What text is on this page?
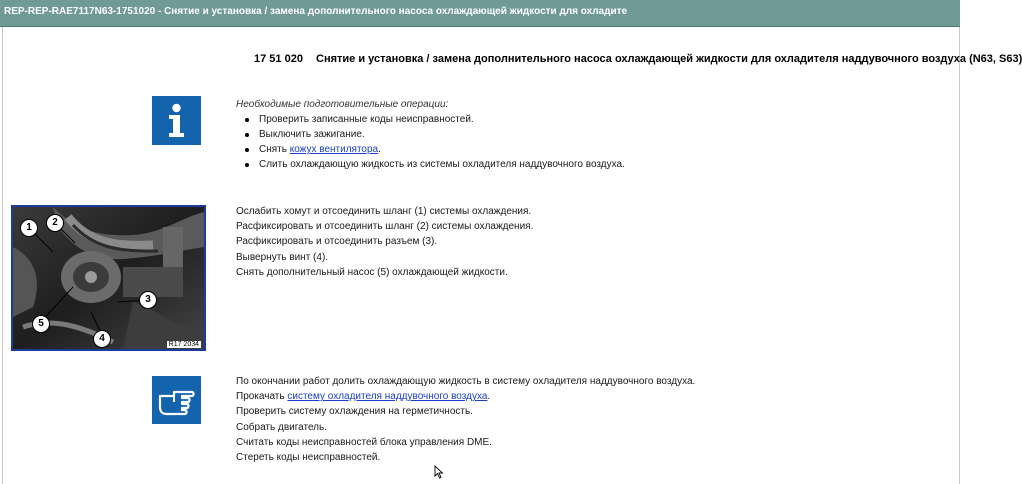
REP-REP-RAE7117N63-1751020 - Снятие и установка / замена дополнительного насоса охлаждающей жидкости для охладите
17 51 020 Снятие и установка / замена дополнительного насоса охлаждающей жидкости для охладителя наддувочного воздуха (N63, S63)
Необходимые подготовительные операции:
Проверить записанные коды неисправностей.
Выключить зажигание.
Снять кожух вентилятора.
Слить охлаждающую жидкость из системы охладителя наддувочного воздуха.
1	2
3
4
5
R17 2034
Ослабить хомут и отсоединить шланг (1) системы охлаждения.
Расфиксировать и отсоединить шланг (2) системы охлаждения.
Расфиксировать и отсоединить разъем (3).
Вывернуть винт (4).
Снять дополнительный насос (5) охлаждающей жидкости.
По окончании работ долить охлаждающую жидкость в систему охладителя наддувочного воздуха.
Прокачать систему охладителя наддувочного воздуха.
Проверить систему охлаждения на герметичность.
Собрать двигатель.
Считать коды неисправностей блока управления DME.
Стереть коды неисправностей.
